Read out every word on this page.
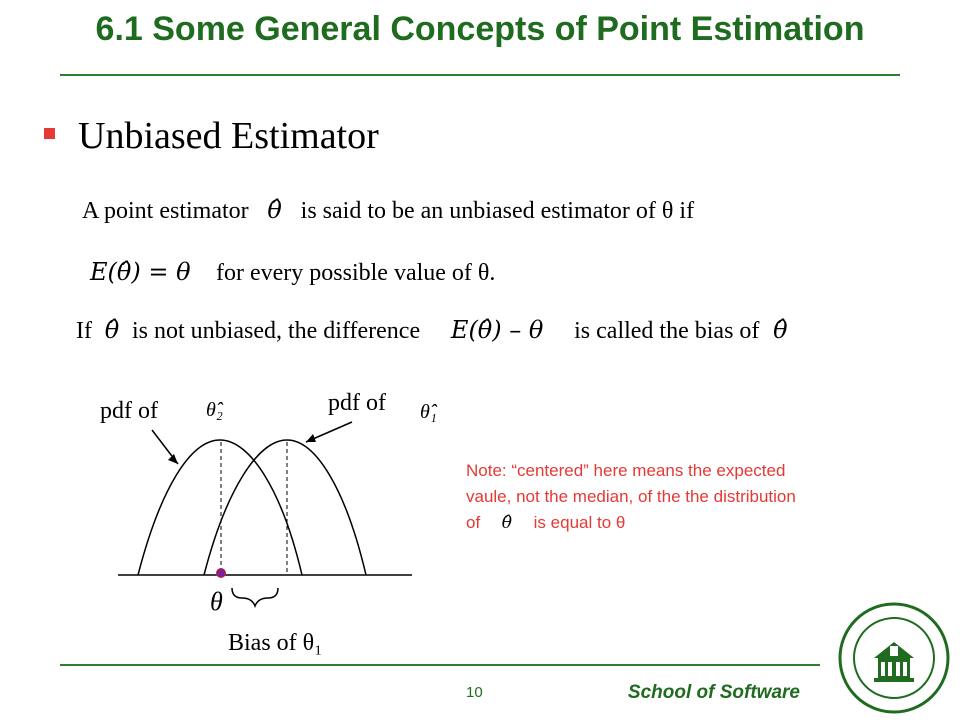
6.1 Some General Concepts of Point Estimation
Unbiased Estimator
A point estimator θ̂ is said to be an unbiased estimator of θ if
E(θ̂) = θ for every possible value of θ.
If θ̂ is not unbiased, the difference E(θ̂) – θ is called the bias of θ̂
pdf of θ̂₂	pdf of θ̂₁
θ
Bias of θ₁
Note: “centered” here means the expected
vaule, not the median, of the the distribution
of θ̂ is equal to θ
10	School of Software
